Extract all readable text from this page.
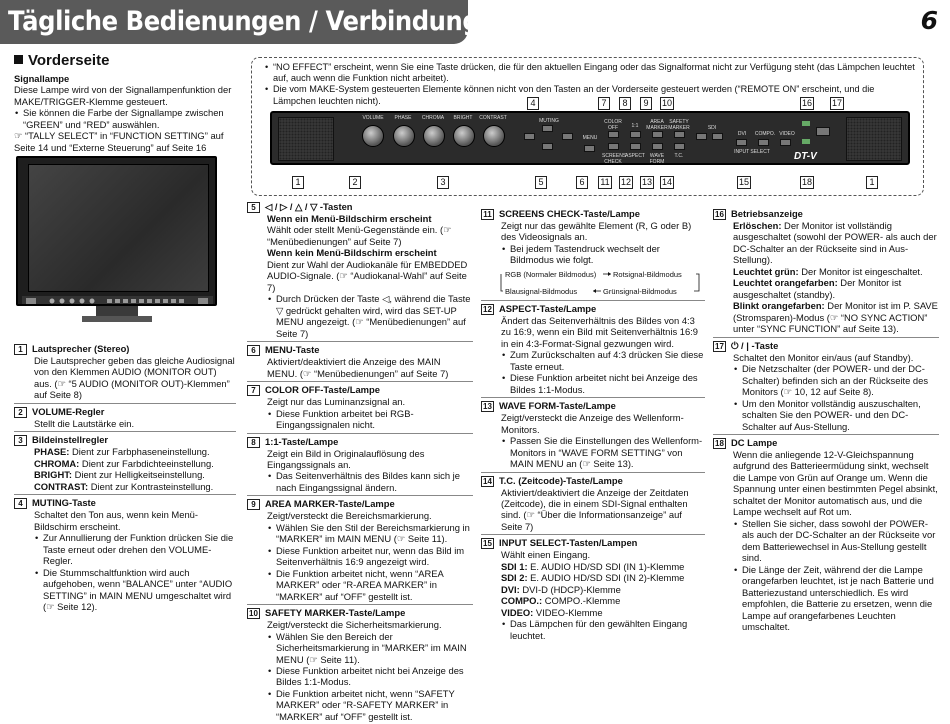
Tägliche Bedienungen / Verbindungen	6
Vorderseite
Signallampe

Diese Lampe wird von der Signallampenfunktion der MAKE/TRIGGER-Klemme gesteuert.

• Sie können die Farbe der Signallampe zwischen “GREEN” und “RED” auswählen.

☞ “TALLY SELECT” in “FUNCTION SETTING” auf Seite 14 und “Externe Steuerung” auf Seite 16

• “NO EFFECT” erscheint, wenn Sie eine Taste drücken, die für den aktuellen Eingang oder das Signalformat nicht zur Verfügung steht (das Lämpchen leuchtet auf, auch wenn die Funktion nicht arbeitet).
• Die vom MAKE-System gesteuerten Elemente können nicht von den Tasten an der Vorderseite gesteuert werden (“REMOTE ON” erscheint, und die Lämpchen leuchten nicht).
VOLUME	PHASE	CHROMA	BRIGHT	CONTRAST	MUTING
MENU
COLOR OFF	1:1
AREA MARKER
SAFETY MARKER
SCREENS CHECK
ASPECT WAVE FORM
T.C.
SDI
DVI	COMPO. VIDEO
INPUT SELECT	DT-V
4	7	8	9	10	16 17
1	2	3	5	6	11 12 13 14	15	18	1
1 Lautsprecher (Stereo)
Die Lautsprecher geben das gleiche Audiosignal von den Klemmen AUDIO (MONITOR OUT) aus. (☞ “5 AUDIO (MONITOR OUT)-Klemmen” auf Seite 8)
2 VOLUME-Regler
Stellt die Lautstärke ein.
3 Bildeinstellregler
PHASE: Dient zur Farbphaseneinstellung.
CHROMA: Dient zur Farbdichteeinstellung.
BRIGHT: Dient zur Helligkeitseinstellung.
CONTRAST: Dient zur Kontrasteinstellung.
4 MUTING-Taste
Schaltet den Ton aus, wenn kein Menü-Bildschirm erscheint.
• Zur Annullierung der Funktion drücken Sie die Taste erneut oder drehen den VOLUME-Regler.
• Die Stummschaltfunktion wird auch aufgehoben, wenn “BALANCE” unter “AUDIO SETTING” in MAIN MENU umgeschaltet wird (☞ Seite 12).
5 ◁ / ▷ / △ / ▽ -Tasten
Wenn ein Menü-Bildschirm erscheint
Wählt oder stellt Menü-Gegenstände ein. (☞ “Menübedienungen” auf Seite 7)
Wenn kein Menü-Bildschirm erscheint
Dient zur Wahl der Audiokanäle für EMBEDDED AUDIO-Signale. (☞ “Audiokanal-Wahl” auf Seite 7)
• Durch Drücken der Taste ◁, während die Taste ▽ gedrückt gehalten wird, wird das SET-UP MENU angezeigt. (☞ “Menübedienungen” auf Seite 7)
6 MENU-Taste
Aktiviert/deaktiviert die Anzeige des MAIN MENU. (☞ “Menübedienungen” auf Seite 7)
7 COLOR OFF-Taste/Lampe
Zeigt nur das Luminanzsignal an.
• Diese Funktion arbeitet bei RGB-Eingangssignalen nicht.
8 1:1-Taste/Lampe
Zeigt ein Bild in Originalauflösung des Eingangssignals an.
• Das Seitenverhältnis des Bildes kann sich je nach Eingangssignal ändern.
9 AREA MARKER-Taste/Lampe
Zeigt/versteckt die Bereichsmarkierung.
• Wählen Sie den Stil der Bereichsmarkierung in “MARKER” im MAIN MENU (☞ Seite 11).
• Diese Funktion arbeitet nur, wenn das Bild im Seitenverhältnis 16:9 angezeigt wird.
• Die Funktion arbeitet nicht, wenn “AREA MARKER” oder “R-AREA MARKER” in “MARKER” auf “OFF” gestellt ist.
10 SAFETY MARKER-Taste/Lampe
Zeigt/versteckt die Sicherheitsmarkierung.
• Wählen Sie den Bereich der Sicherheitsmarkierung in “MARKER” im MAIN MENU (☞ Seite 11).
• Diese Funktion arbeitet nicht bei Anzeige des Bildes 1:1-Modus.
• Die Funktion arbeitet nicht, wenn “SAFETY MARKER” oder “R-SAFETY MARKER” in “MARKER” auf “OFF” gestellt ist.
11 SCREENS CHECK-Taste/Lampe
Zeigt nur das gewählte Element (R, G oder B) des Videosignals an.
• Bei jedem Tastendruck wechselt der Bildmodus wie folgt.
RGB (Normaler Bildmodus) Rotsignal-Bildmodus
Blausignal-Bildmodus	Grünsignal-Bildmodus
12 ASPECT-Taste/Lampe
Ändert das Seitenverhältnis des Bildes von 4:3 zu 16:9, wenn ein Bild mit Seitenverhältnis 16:9 in ein 4:3-Format-Signal gezwungen wird.
• Zum Zurückschalten auf 4:3 drücken Sie diese Taste erneut.
• Diese Funktion arbeitet nicht bei Anzeige des Bildes 1:1-Modus.
13 WAVE FORM-Taste/Lampe
Zeigt/versteckt die Anzeige des Wellenform-Monitors.
• Passen Sie die Einstellungen des Wellenform-Monitors in “WAVE FORM SETTING” von MAIN MENU an (☞ Seite 13).
14 T.C. (Zeitcode)-Taste/Lampe
Aktiviert/deaktiviert die Anzeige der Zeitdaten (Zeitcode), die in einem SDI-Signal enthalten sind. (☞ “Über die Informationsanzeige” auf Seite 7)
15 INPUT SELECT-Tasten/Lampen
Wählt einen Eingang.
SDI 1: E. AUDIO HD/SD SDI (IN 1)-Klemme
SDI 2: E. AUDIO HD/SD SDI (IN 2)-Klemme
DVI: DVI-D (HDCP)-Klemme
COMPO.: COMPO.-Klemme
VIDEO: VIDEO-Klemme
• Das Lämpchen für den gewählten Eingang leuchtet.
16 Betriebsanzeige
Erlöschen: Der Monitor ist vollständig ausgeschaltet (sowohl der POWER- als auch der DC-Schalter an der Rückseite sind in Aus-Stellung).
Leuchtet grün: Der Monitor ist eingeschaltet.
Leuchtet orangefarben: Der Monitor ist ausgeschaltet (standby).
Blinkt orangefarben: Der Monitor ist im P. SAVE (Stromsparen)-Modus (☞ “NO SYNC ACTION” unter “SYNC FUNCTION” auf Seite 13).
17 ⏻ / | -Taste
Schaltet den Monitor ein/aus (auf Standby).
• Die Netzschalter (der POWER- und der DC-Schalter) befinden sich an der Rückseite des Monitors (☞ 10, 12 auf Seite 8).
• Um den Monitor vollständig auszuschalten, schalten Sie den POWER- und den DC-Schalter auf Aus-Stellung.
18 DC Lampe
Wenn die anliegende 12-V-Gleichspannung aufgrund des Batterieermüdung sinkt, wechselt die Lampe von Grün auf Orange um. Wenn die Spannung unter einen bestimmten Pegel absinkt, schaltet der Monitor automatisch aus, und die Lampe wechselt auf Rot um.
• Stellen Sie sicher, dass sowohl der POWER- als auch der DC-Schalter an der Rückseite vor dem Batteriewechsel in Aus-Stellung gestellt sind.
• Die Länge der Zeit, während der die Lampe orangefarben leuchtet, ist je nach Batterie und Batteriezustand unterschiedlich. Es wird empfohlen, die Batterie zu ersetzen, wenn die Lampe auf orangefarbenes Leuchten umschaltet.
